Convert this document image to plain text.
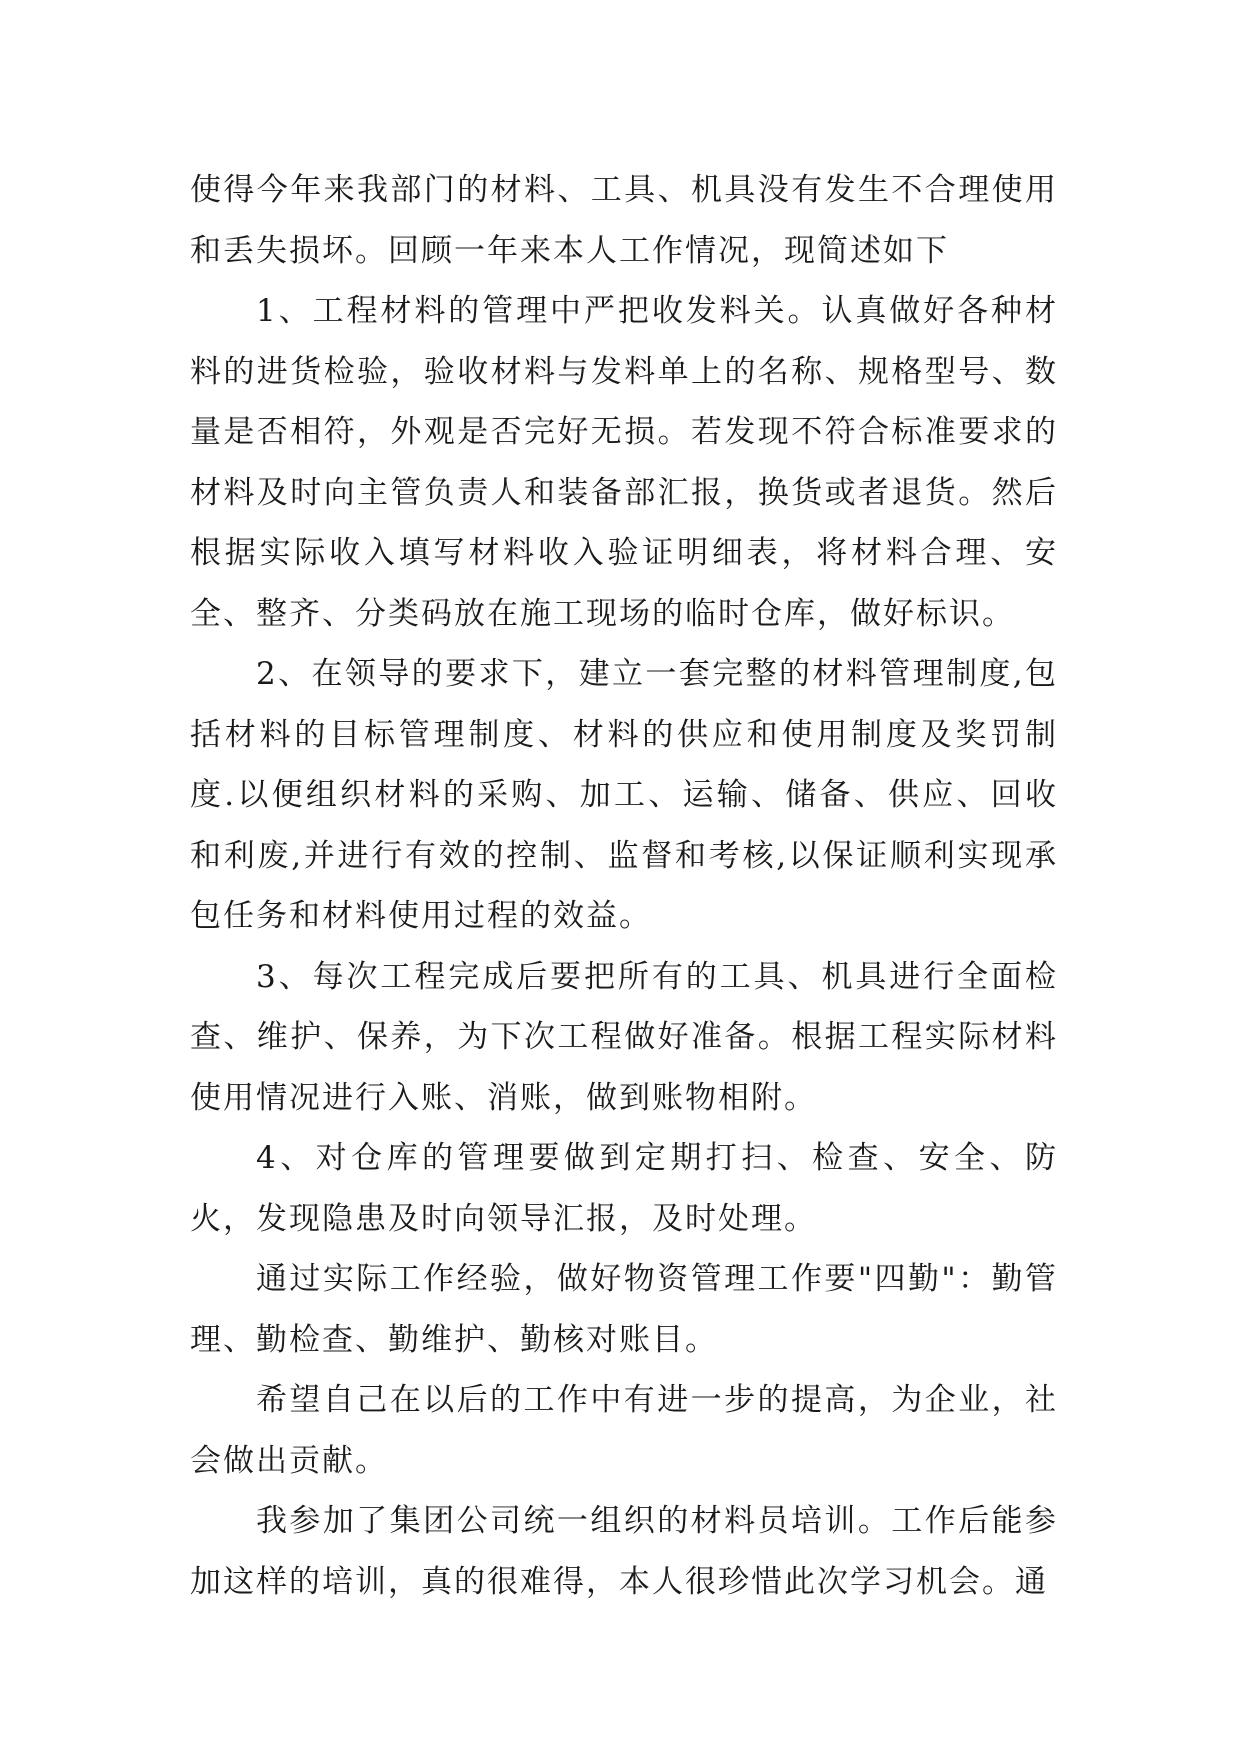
使得今年来我部门的材料、工具、机具没有发生不合理使用和丢失损坏。回顾一年来本人工作情况，现简述如下

1、工程材料的管理中严把收发料关。认真做好各种材料的进货检验，验收材料与发料单上的名称、规格型号、数量是否相符，外观是否完好无损。若发现不符合标准要求的材料及时向主管负责人和装备部汇报，换货或者退货。然后根据实际收入填写材料收入验证明细表，将材料合理、安全、整齐、分类码放在施工现场的临时仓库，做好标识。

2、在领导的要求下，建立一套完整的材料管理制度,包括材料的目标管理制度、材料的供应和使用制度及奖罚制度.以便组织材料的采购、加工、运输、储备、供应、回收和利废,并进行有效的控制、监督和考核,以保证顺利实现承包任务和材料使用过程的效益。

3、每次工程完成后要把所有的工具、机具进行全面检查、维护、保养，为下次工程做好准备。根据工程实际材料使用情况进行入账、消账，做到账物相附。

4、对仓库的管理要做到定期打扫、检查、安全、防火，发现隐患及时向领导汇报，及时处理。

通过实际工作经验，做好物资管理工作要"四勤"：勤管理、勤检查、勤维护、勤核对账目。

希望自己在以后的工作中有进一步的提高，为企业，社会做出贡献。

我参加了集团公司统一组织的材料员培训。工作后能参加这样的培训，真的很难得，本人很珍惜此次学习机会。通
